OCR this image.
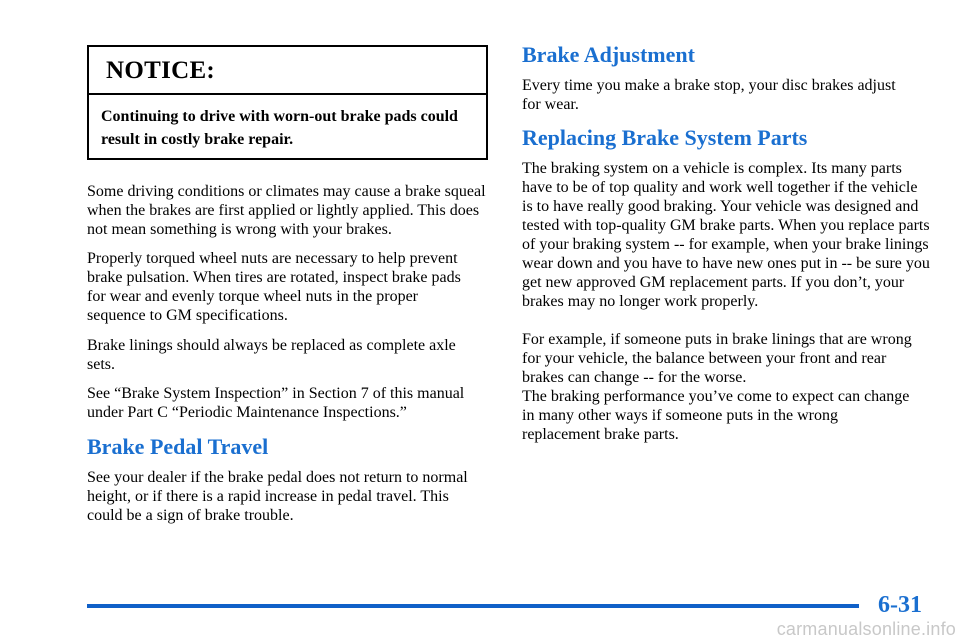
NOTICE:
Continuing to drive with worn-out brake pads could result in costly brake repair.

Some driving conditions or climates may cause a brake squeal when the brakes are first applied or lightly applied. This does not mean something is wrong with your brakes.

Properly torqued wheel nuts are necessary to help prevent brake pulsation. When tires are rotated, inspect brake pads for wear and evenly torque wheel nuts in the proper sequence to GM specifications.

Brake linings should always be replaced as complete axle sets.

See “Brake System Inspection” in Section 7 of this manual under Part C “Periodic Maintenance Inspections.”

Brake Pedal Travel

See your dealer if the brake pedal does not return to normal height, or if there is a rapid increase in pedal travel. This could be a sign of brake trouble.

Brake Adjustment

Every time you make a brake stop, your disc brakes adjust for wear.

Replacing Brake System Parts

The braking system on a vehicle is complex. Its many parts have to be of top quality and work well together if the vehicle is to have really good braking. Your vehicle was designed and tested with top-quality GM brake parts. When you replace parts of your braking system -- for example, when your brake linings wear down and you have to have new ones put in -- be sure you get new approved GM replacement parts. If you don’t, your brakes may no longer work properly.

For example, if someone puts in brake linings that are wrong for your vehicle, the balance between your front and rear brakes can change -- for the worse.

The braking performance you’ve come to expect can change in many other ways if someone puts in the wrong replacement brake parts.

6-31
carmanualsonline.info
